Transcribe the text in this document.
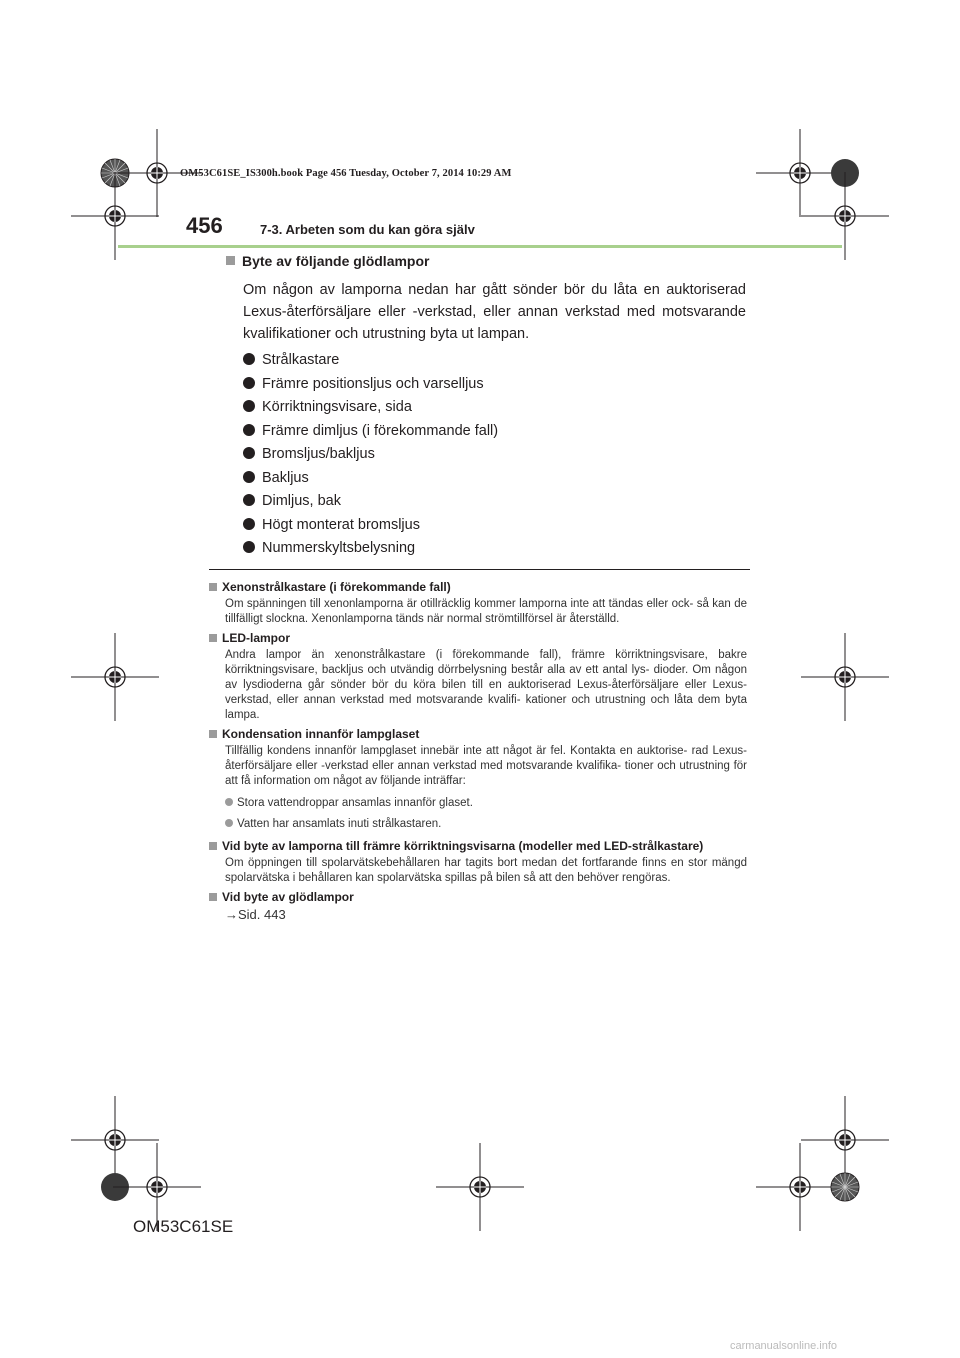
OM53C61SE_IS300h.book Page 456 Tuesday, October 7, 2014 10:29 AM
456	7-3. Arbeten som du kan göra själv
Byte av följande glödlampor

Om någon av lamporna nedan har gått sönder bör du låta en auktoriserad Lexus-återförsäljare eller -verkstad, eller annan verkstad med motsvarande kvalifikationer och utrustning byta ut lampan.

Strålkastare
Främre positionsljus och varselljus
Körriktningsvisare, sida
Främre dimljus (i förekommande fall)
Bromsljus/bakljus
Bakljus
Dimljus, bak
Högt monterat bromsljus
Nummerskyltsbelysning
Xenonstrålkastare (i förekommande fall)

Om spänningen till xenonlamporna är otillräcklig kommer lamporna inte att tändas eller ock- så kan de tillfälligt slockna. Xenonlamporna tänds när normal strömtillförsel är återställd.

LED-lampor

Andra lampor än xenonstrålkastare (i förekommande fall), främre körriktningsvisare, bakre körriktningsvisare, backljus och utvändig dörrbelysning består alla av ett antal lys- dioder. Om någon av lysdioderna går sönder bör du köra bilen till en auktoriserad Lexus-återförsäljare eller Lexus-verkstad, eller annan verkstad med motsvarande kvalifi- kationer och utrustning och låta dem byta lampa.

Kondensation innanför lampglaset

Tillfällig kondens innanför lampglaset innebär inte att något är fel. Kontakta en auktorise- rad Lexus-återförsäljare eller -verkstad eller annan verkstad med motsvarande kvalifika- tioner och utrustning för att få information om något av följande inträffar:

Stora vattendroppar ansamlas innanför glaset.
Vatten har ansamlats inuti strålkastaren.
Vid byte av lamporna till främre körriktningsvisarna (modeller med LED-strålkastare)

Om öppningen till spolarvätskebehållaren har tagits bort medan det fortfarande finns en stor mängd spolarvätska i behållaren kan spolarvätska spillas på bilen så att den behöver rengöras.

Vid byte av glödlampor

→Sid. 443

OM53C61SE
carmanualsonline.info
